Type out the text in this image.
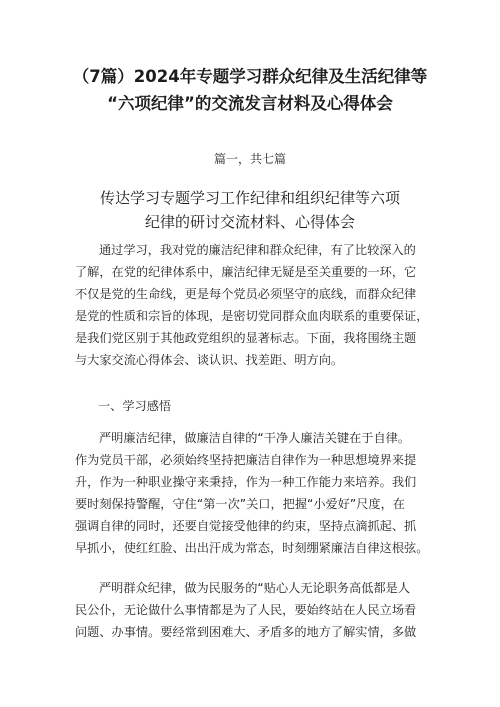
（7篇）2024年专题学习群众纪律及生活纪律等
“六项纪律”的交流发言材料及心得体会
篇一，共七篇
传达学习专题学习工作纪律和组织纪律等六项
纪律的研讨交流材料、心得体会
通过学习，我对党的廉洁纪律和群众纪律，有了比较深入的
了解，在党的纪律体系中，廉洁纪律无疑是至关重要的一环，它
不仅是党的生命线，更是每个党员必须坚守的底线，而群众纪律
是党的性质和宗旨的体现，是密切党同群众血肉联系的重要保证，
是我们党区别于其他政党组织的显著标志。下面，我将围绕主题
与大家交流心得体会、谈认识、找差距、明方向。
一、学习感悟
严明廉洁纪律，做廉洁自律的“干净人廉洁关键在于自律。
作为党员干部，必须始终坚持把廉洁自律作为一种思想境界来提
升，作为一种职业操守来秉持，作为一种工作能力来培养。我们
要时刻保持警醒，守住“第一次”关口，把握“小爱好”尺度，在
强调自律的同时，还要自觉接受他律的约束，坚持点滴抓起、抓
早抓小，使红红脸、出出汗成为常态，时刻绷紧廉洁自律这根弦。
严明群众纪律，做为民服务的“贴心人无论职务高低都是人
民公仆，无论做什么事情都是为了人民，要始终站在人民立场看
问题、办事情。要经常到困难大、矛盾多的地方了解实情，多做
